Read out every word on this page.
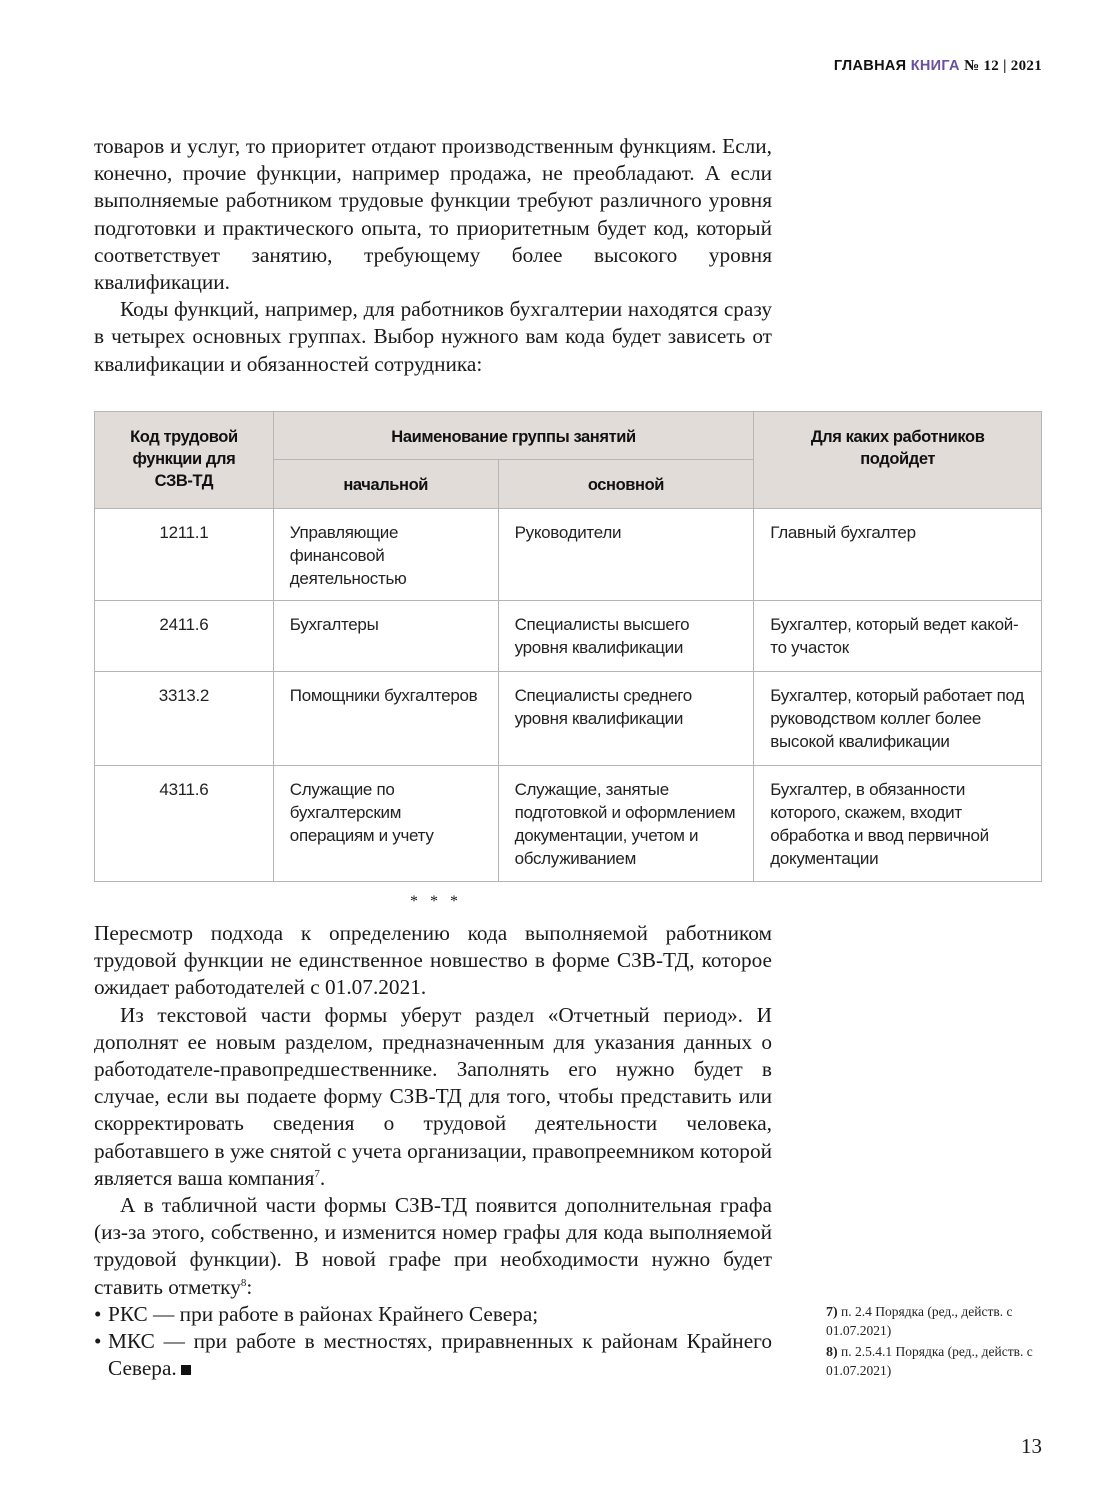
ГЛАВНАЯ КНИГА № 12 | 2021

товаров и услуг, то приоритет отдают производственным функциям. Если, конечно, прочие функции, например продажа, не преобладают. А если выполняемые работником трудовые функции требуют различного уровня подготовки и практического опыта, то приоритетным будет код, который соответствует занятию, требующему более высокого уровня квалификации.

Коды функций, например, для работников бухгалтерии находятся сразу в четырех основных группах. Выбор нужного вам кода будет зависеть от квалификации и обязанностей сотрудника:

Код трудовой функции для СЗВ-ТД	Наименование группы занятий		Для каких работников подойдет
	начальной	основной	
1211.1	Управляющие финансовой деятельностью	Руководители	Главный бухгалтер
2411.6	Бухгалтеры	Специалисты высшего уровня квалификации	Бухгалтер, который ведет какой-то участок
3313.2	Помощники бухгалтеров	Специалисты среднего уровня квалификации	Бухгалтер, который работает под руководством коллег более высокой квалификации
4311.6	Служащие по бухгалтерским операциям и учету	Служащие, занятые подготовкой и оформлением документации, учетом и обслуживанием	Бухгалтер, в обязанности которого, скажем, входит обработка и ввод первичной документации
* * *

Пересмотр подхода к определению кода выполняемой работником трудовой функции не единственное новшество в форме СЗВ-ТД, которое ожидает работодателей с 01.07.2021.

Из текстовой части формы уберут раздел «Отчетный период». И дополнят ее новым разделом, предназначенным для указания данных о работодателе-правопредшественнике. Заполнять его нужно будет в случае, если вы подаете форму СЗВ-ТД для того, чтобы представить или скорректировать сведения о трудовой деятельности человека, работавшего в уже снятой с учета организации, правопреемником которой является ваша компания$^7$.

А в табличной части формы СЗВ-ТД появится дополнительная графа (из-за этого, собственно, и изменится номер графы для кода выполняемой трудовой функции). В новой графе при необходимости нужно будет ставить отметку$^8$:

• РКС — при работе в районах Крайнего Севера;
• МКС — при работе в местностях, приравненных к районам Крайнего Севера.

7) п. 2.4 Порядка (ред., действ. с 01.07.2021)

8) п. 2.5.4.1 Порядка (ред., действ. с 01.07.2021)

13
